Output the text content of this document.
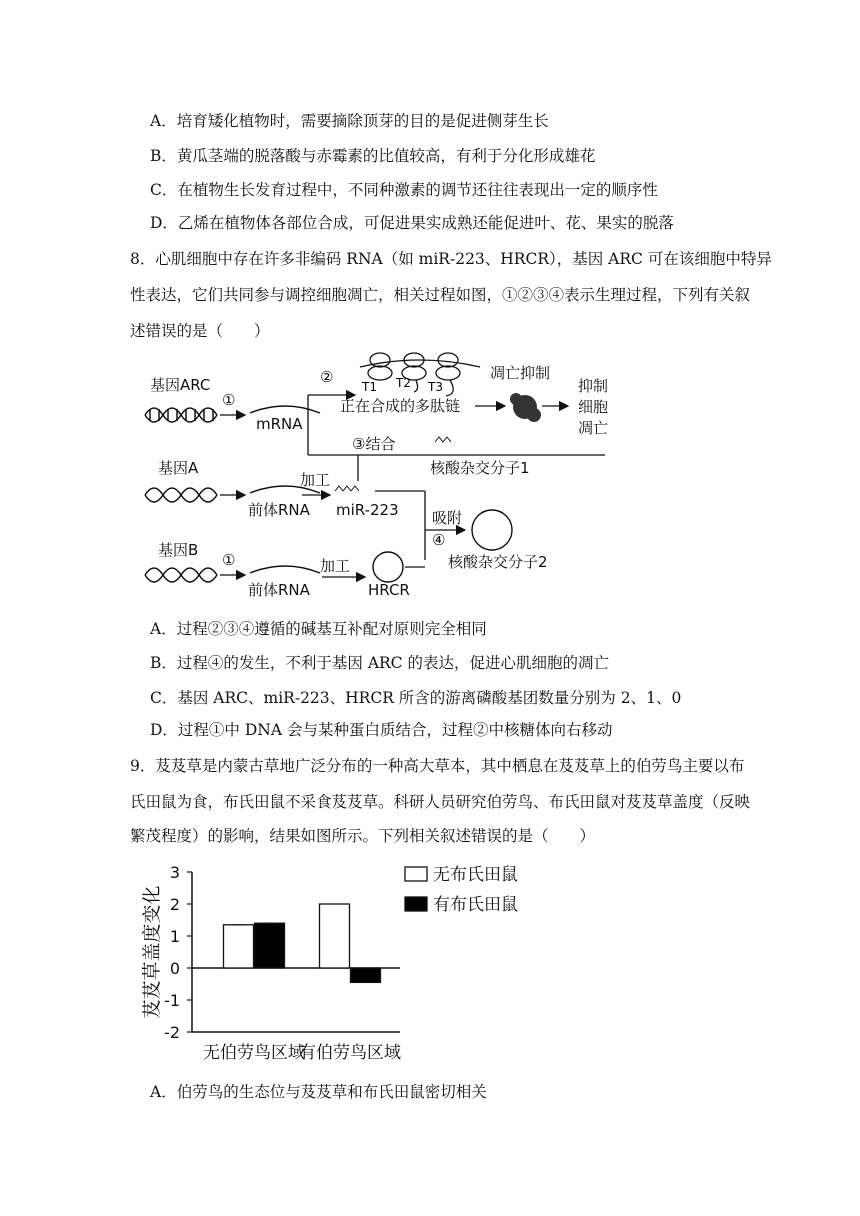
A．培育矮化植物时，需要摘除顶芽的目的是促进侧芽生长
B．黄瓜茎端的脱落酸与赤霉素的比值较高，有利于分化形成雄花
C．在植物生长发育过程中，不同种激素的调节还往往表现出一定的顺序性
D．乙烯在植物体各部位合成，可促进果实成熟还能促进叶、花、果实的脱落
8．心肌细胞中存在许多非编码 RNA（如 miR-223、HRCR），基因 ARC 可在该细胞中特异
性表达，它们共同参与调控细胞凋亡，相关过程如图，①②③④表示生理过程，下列有关叙
述错误的是（　　）
基因ARC
①
mRNA
②
T1 T2 T3
正在合成的多肽链
凋亡抑制
抑制
细胞
凋亡
③结合
核酸杂交分子1
基因A
前体RNA
加工
miR-223 吸附
④
核酸杂交分子2
基因B
①
前体RNA
加工
HRCR
A．过程②③④遵循的碱基互补配对原则完全相同
B．过程④的发生，不利于基因 ARC 的表达，促进心肌细胞的凋亡
C．基因 ARC、miR-223、HRCR 所含的游离磷酸基团数量分别为 2、1、0
D．过程①中 DNA 会与某种蛋白质结合，过程②中核糖体向右移动
9．芨芨草是内蒙古草地广泛分布的一种高大草本，其中栖息在芨芨草上的伯劳鸟主要以布
氏田鼠为食，布氏田鼠不采食芨芨草。科研人员研究伯劳鸟、布氏田鼠对芨芨草盖度（反映
繁茂程度）的影响，结果如图所示。下列相关叙述错误的是（　　）
3
2
1
0
-1
-2
芨芨草盖度变化
无伯劳鸟区域
有伯劳鸟区域
无布氏田鼠
有布氏田鼠
A．伯劳鸟的生态位与芨芨草和布氏田鼠密切相关
